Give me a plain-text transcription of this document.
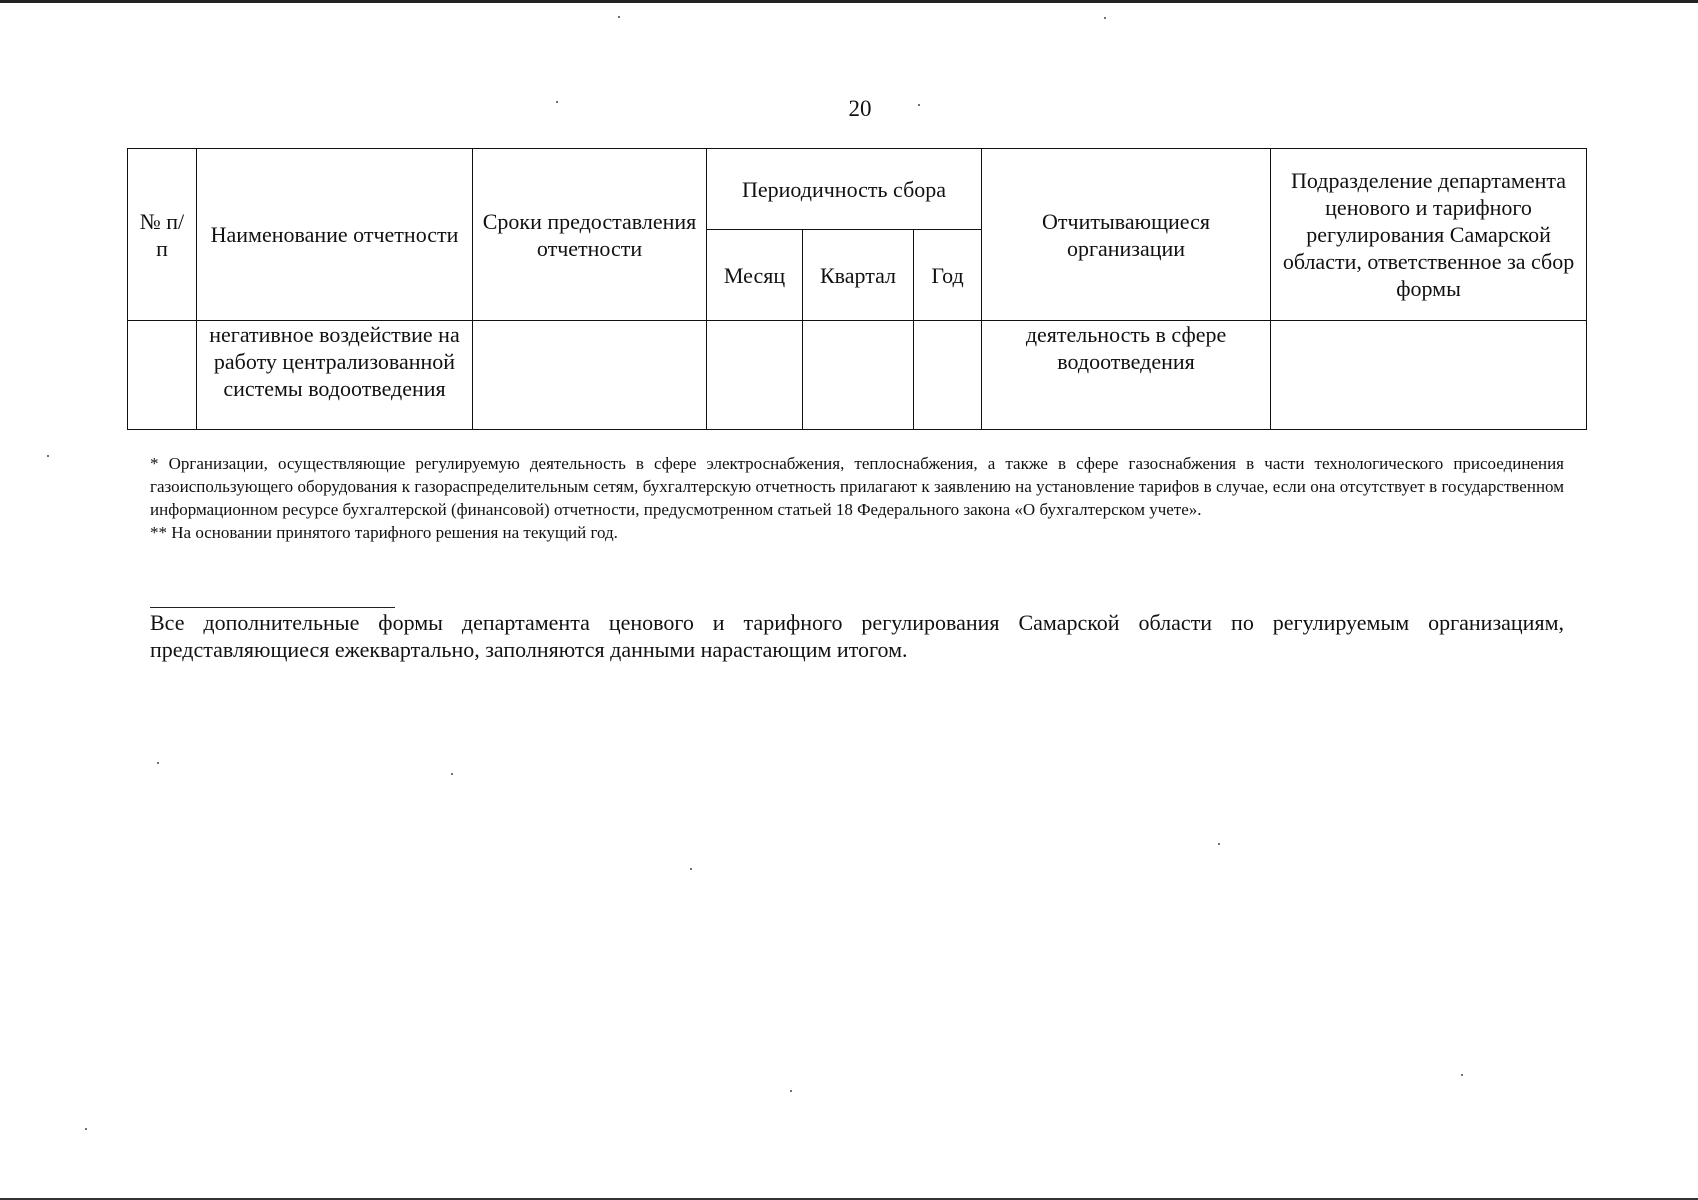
20
№ п/п	Наименование отчетности	Сроки предоставления отчетности	Периодичность сбора			Отчитывающиеся организации	Подразделение департамента ценового и тарифного регулирования Самарской области, ответственное за сбор формы
			Месяц	Квартал	Год		
	негативное воздействие на работу централизованной системы водоотведения					деятельность в сфере водоотведения	

* Организации, осуществляющие регулируемую деятельность в сфере электроснабжения, теплоснабжения, а также в сфере газоснабжения в части технологического присоединения газоиспользующего оборудования к газораспределительным сетям, бухгалтерскую отчетность прилагают к заявлению на установление тарифов в случае, если она отсутствует в государственном информационном ресурсе бухгалтерской (финансовой) отчетности, предусмотренном статьей 18 Федерального закона «О бухгалтерском учете».

** На основании принятого тарифного решения на текущий год.

Все дополнительные формы департамента ценового и тарифного регулирования Самарской области по регулируемым организациям, представляющиеся ежеквартально, заполняются данными нарастающим итогом.
